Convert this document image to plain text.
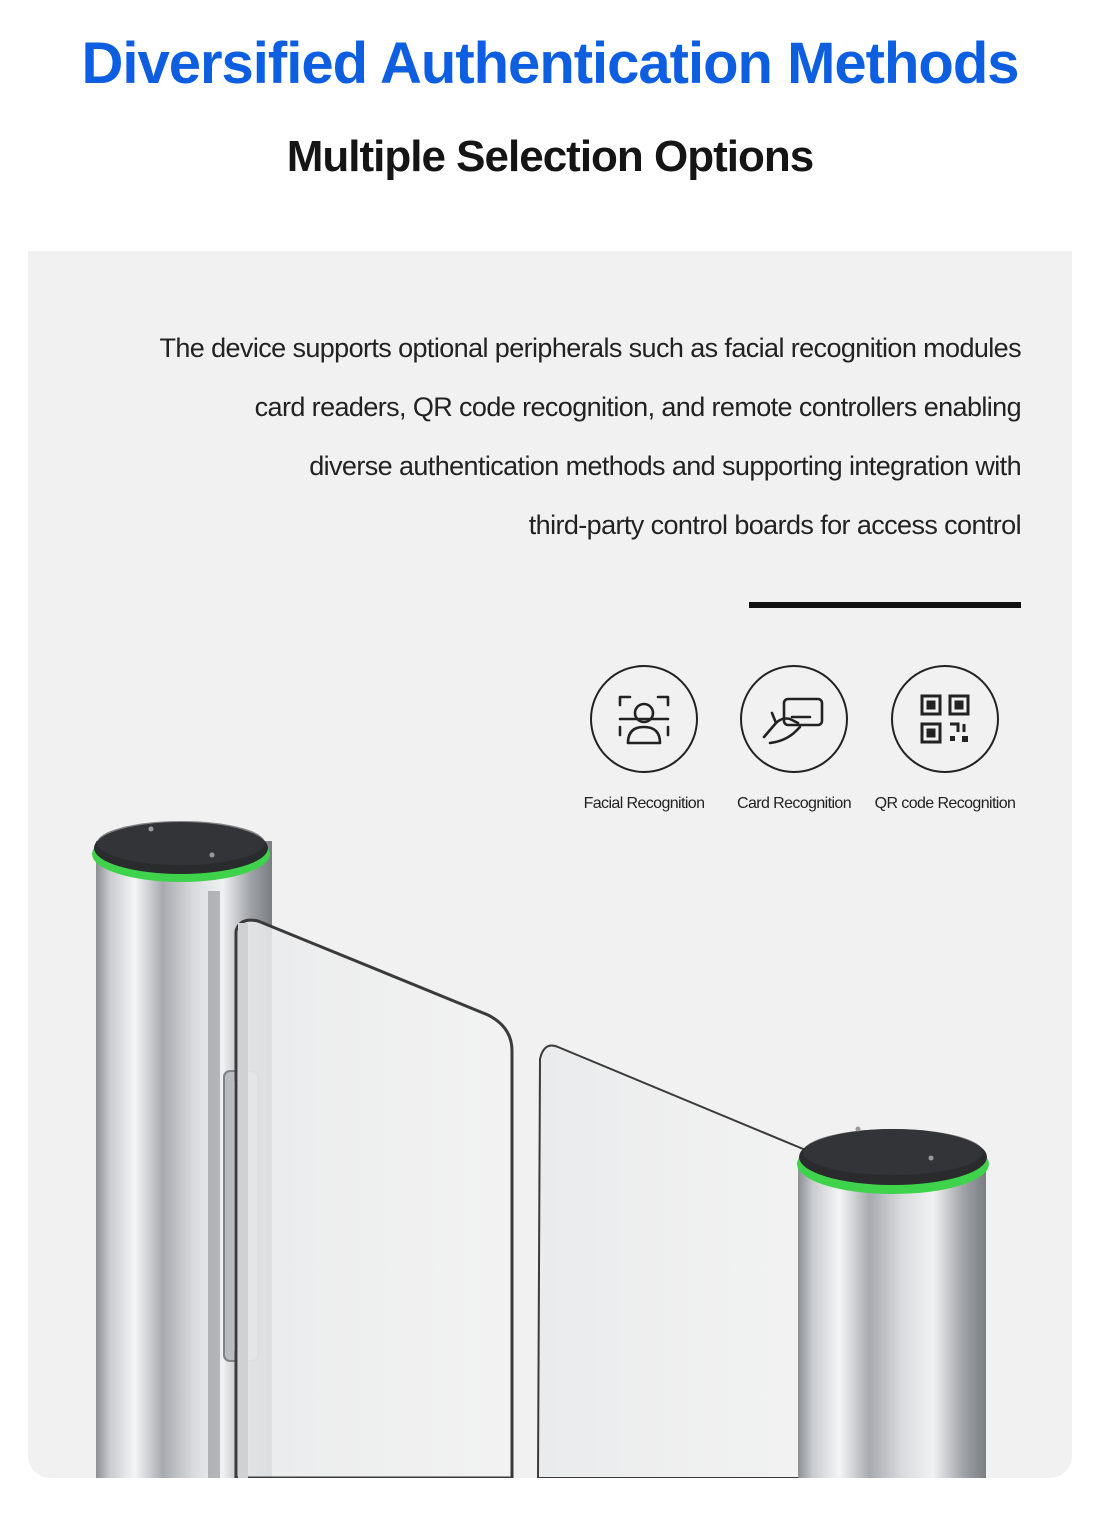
Diversified Authentication Methods
Multiple Selection Options
The device supports optional peripherals such as facial recognition modules
card readers, QR code recognition, and remote controllers enabling
diverse authentication methods and supporting integration with
third-party control boards for access control
Facial Recognition	Card Recognition	QR code Recognition
